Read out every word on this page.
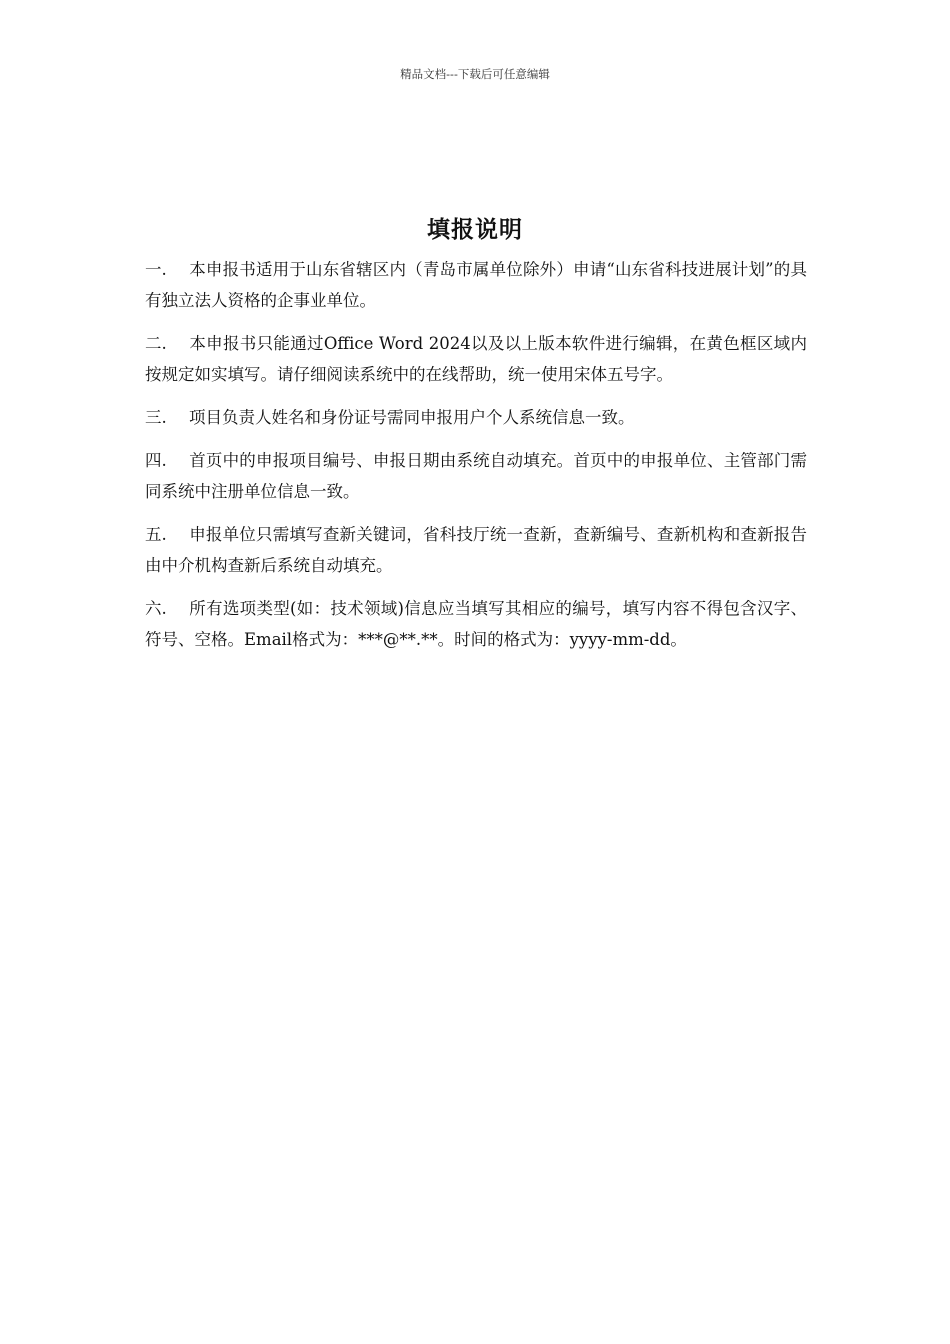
精品文档---下载后可任意编辑
填报说明

一. 本申报书适用于山东省辖区内（青岛市属单位除外）申请“山东省科技进展计划”的具有独立法人资格的企事业单位。

二. 本申报书只能通过Office Word 2024以及以上版本软件进行编辑，在黄色框区域内按规定如实填写。请仔细阅读系统中的在线帮助，统一使用宋体五号字。

三. 项目负责人姓名和身份证号需同申报用户个人系统信息一致。

四. 首页中的申报项目编号、申报日期由系统自动填充。首页中的申报单位、主管部门需同系统中注册单位信息一致。

五. 申报单位只需填写查新关键词，省科技厅统一查新，查新编号、查新机构和查新报告由中介机构查新后系统自动填充。

六. 所有选项类型(如：技术领域)信息应当填写其相应的编号，填写内容不得包含汉字、符号、空格。Email格式为：***@**.**。时间的格式为：yyyy-mm-dd。
